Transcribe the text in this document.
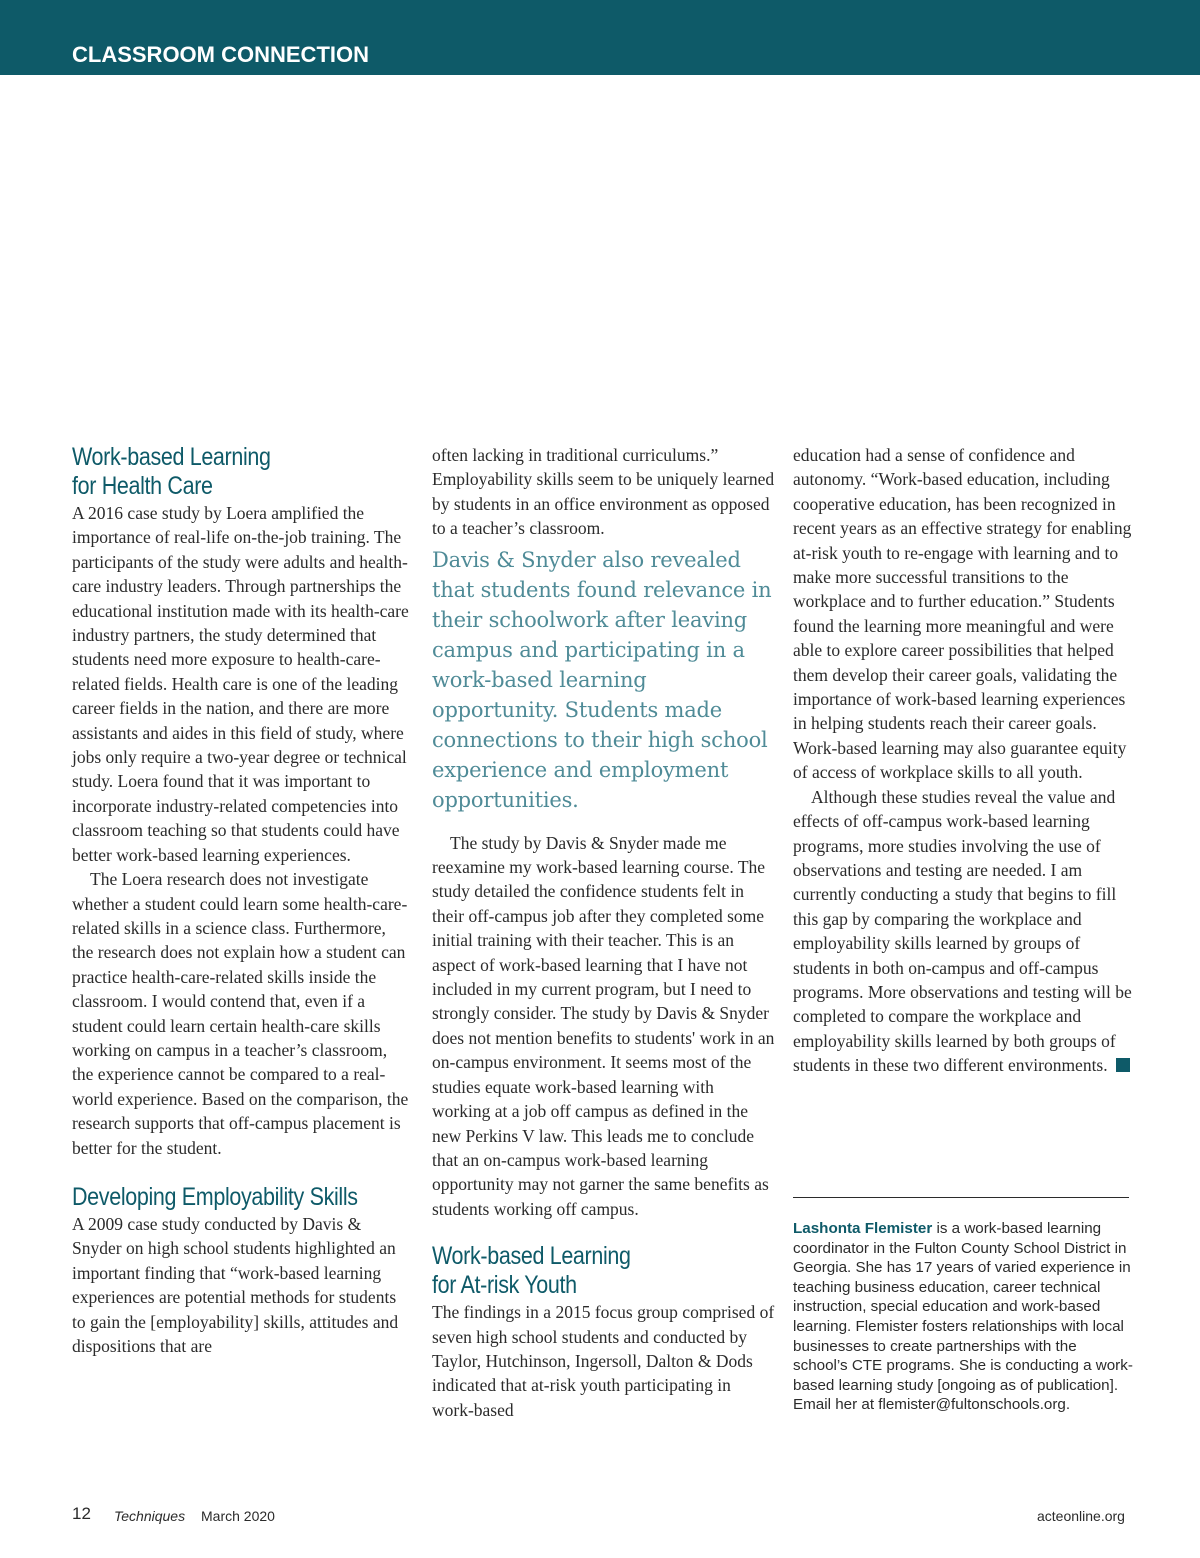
CLASSROOM CONNECTION
Work-based Learning
for Health Care

A 2016 case study by Loera amplified the importance of real-life on-the-job training. The participants of the study were adults and health-care industry leaders. Through partnerships the educational institution made with its health-care industry partners, the study determined that students need more exposure to health-care-related fields. Health care is one of the leading career fields in the nation, and there are more assistants and aides in this field of study, where jobs only require a two-year degree or technical study. Loera found that it was important to incorporate industry-related competencies into classroom teaching so that students could have better work-based learning experiences.

The Loera research does not investigate whether a student could learn some health-care-related skills in a science class. Furthermore, the research does not explain how a student can practice health-care-related skills inside the classroom. I would contend that, even if a student could learn certain health-care skills working on campus in a teacher’s classroom, the experience cannot be compared to a real-world experience. Based on the comparison, the research supports that off-campus placement is better for the student.

Developing Employability Skills

A 2009 case study conducted by Davis & Snyder on high school students highlighted an important finding that “work-based learning experiences are potential methods for students to gain the [employability] skills, attitudes and dispositions that are

often lacking in traditional curriculums.” Employability skills seem to be uniquely learned by students in an office environment as opposed to a teacher’s classroom.

Davis & Snyder also revealed that students found relevance in their schoolwork after leaving campus and participating in a work-based learning opportunity. Students made connections to their high school experience and employment opportunities.

The study by Davis & Snyder made me reexamine my work-based learning course. The study detailed the confidence students felt in their off-campus job after they completed some initial training with their teacher. This is an aspect of work-based learning that I have not included in my current program, but I need to strongly consider. The study by Davis & Snyder does not mention benefits to students' work in an on-campus environment. It seems most of the studies equate work-based learning with working at a job off campus as defined in the new Perkins V law. This leads me to conclude that an on-campus work-based learning opportunity may not garner the same benefits as students working off campus.

Work-based Learning
for At-risk Youth

The findings in a 2015 focus group comprised of seven high school students and conducted by Taylor, Hutchinson, Ingersoll, Dalton & Dods indicated that at-risk youth participating in work-based

education had a sense of confidence and autonomy. “Work-based education, including cooperative education, has been recognized in recent years as an effective strategy for enabling at-risk youth to re-engage with learning and to make more successful transitions to the workplace and to further education.” Students found the learning more meaningful and were able to explore career possibilities that helped them develop their career goals, validating the importance of work-based learning experiences in helping students reach their career goals. Work-based learning may also guarantee equity of access of workplace skills to all youth.

Although these studies reveal the value and effects of off-campus work-based learning programs, more studies involving the use of observations and testing are needed. I am currently conducting a study that begins to fill this gap by comparing the workplace and employability skills learned by groups of students in both on-campus and off-campus programs. More observations and testing will be completed to compare the workplace and employability skills learned by both groups of students in these two different environments.

Lashonta Flemister is a work-based learning coordinator in the Fulton County School District in Georgia. She has 17 years of varied experience in teaching business education, career technical instruction, special education and work-based learning. Flemister fosters relationships with local businesses to create partnerships with the school’s CTE programs. She is conducting a work-based learning study [ongoing as of publication]. Email her at flemister@fultonschools.org.

12 Techniques March 2020	acteonline.org
